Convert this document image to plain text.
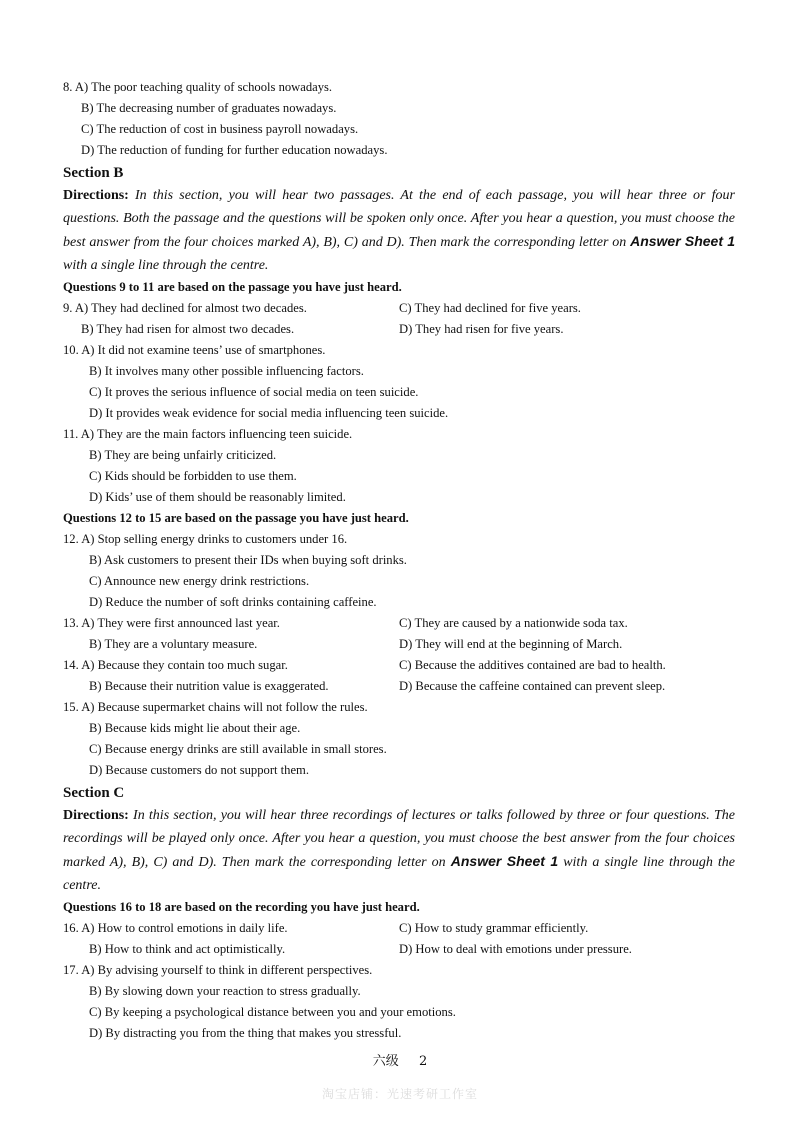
8. A) The poor teaching quality of schools nowadays.
B) The decreasing number of graduates nowadays.
C) The reduction of cost in business payroll nowadays.
D) The reduction of funding for further education nowadays.
Section B
Directions: In this section, you will hear two passages. At the end of each passage, you will hear three or four questions. Both the passage and the questions will be spoken only once. After you hear a question, you must choose the best answer from the four choices marked A), B), C) and D). Then mark the corresponding letter on Answer Sheet 1 with a single line through the centre.
Questions 9 to 11 are based on the passage you have just heard.
9. A) They had declined for almost two decades.	C) They had declined for five years.
B) They had risen for almost two decades.	D) They had risen for five years.
10. A) It did not examine teens’ use of smartphones.
B) It involves many other possible influencing factors.
C) It proves the serious influence of social media on teen suicide.
D) It provides weak evidence for social media influencing teen suicide.
11. A) They are the main factors influencing teen suicide.
B) They are being unfairly criticized.
C) Kids should be forbidden to use them.
D) Kids’ use of them should be reasonably limited.
Questions 12 to 15 are based on the passage you have just heard.
12. A) Stop selling energy drinks to customers under 16.
B) Ask customers to present their IDs when buying soft drinks.
C) Announce new energy drink restrictions.
D) Reduce the number of soft drinks containing caffeine.
13. A) They were first announced last year.	C) They are caused by a nationwide soda tax.
B) They are a voluntary measure.	D) They will end at the beginning of March.
14. A) Because they contain too much sugar.	C) Because the additives contained are bad to health.
B) Because their nutrition value is exaggerated.	D) Because the caffeine contained can prevent sleep.
15. A) Because supermarket chains will not follow the rules.
B) Because kids might lie about their age.
C) Because energy drinks are still available in small stores.
D) Because customers do not support them.
Section C
Directions: In this section, you will hear three recordings of lectures or talks followed by three or four questions. The recordings will be played only once. After you hear a question, you must choose the best answer from the four choices marked A), B), C) and D). Then mark the corresponding letter on Answer Sheet 1 with a single line through the centre.
Questions 16 to 18 are based on the recording you have just heard.
16. A) How to control emotions in daily life.	C) How to study grammar efficiently.
B) How to think and act optimistically.	D) How to deal with emotions under pressure.
17. A) By advising yourself to think in different perspectives.
B) By slowing down your reaction to stress gradually.
C) By keeping a psychological distance between you and your emotions.
D) By distracting you from the thing that makes you stressful.
六级 2
淘宝店铺：光速考研工作室
